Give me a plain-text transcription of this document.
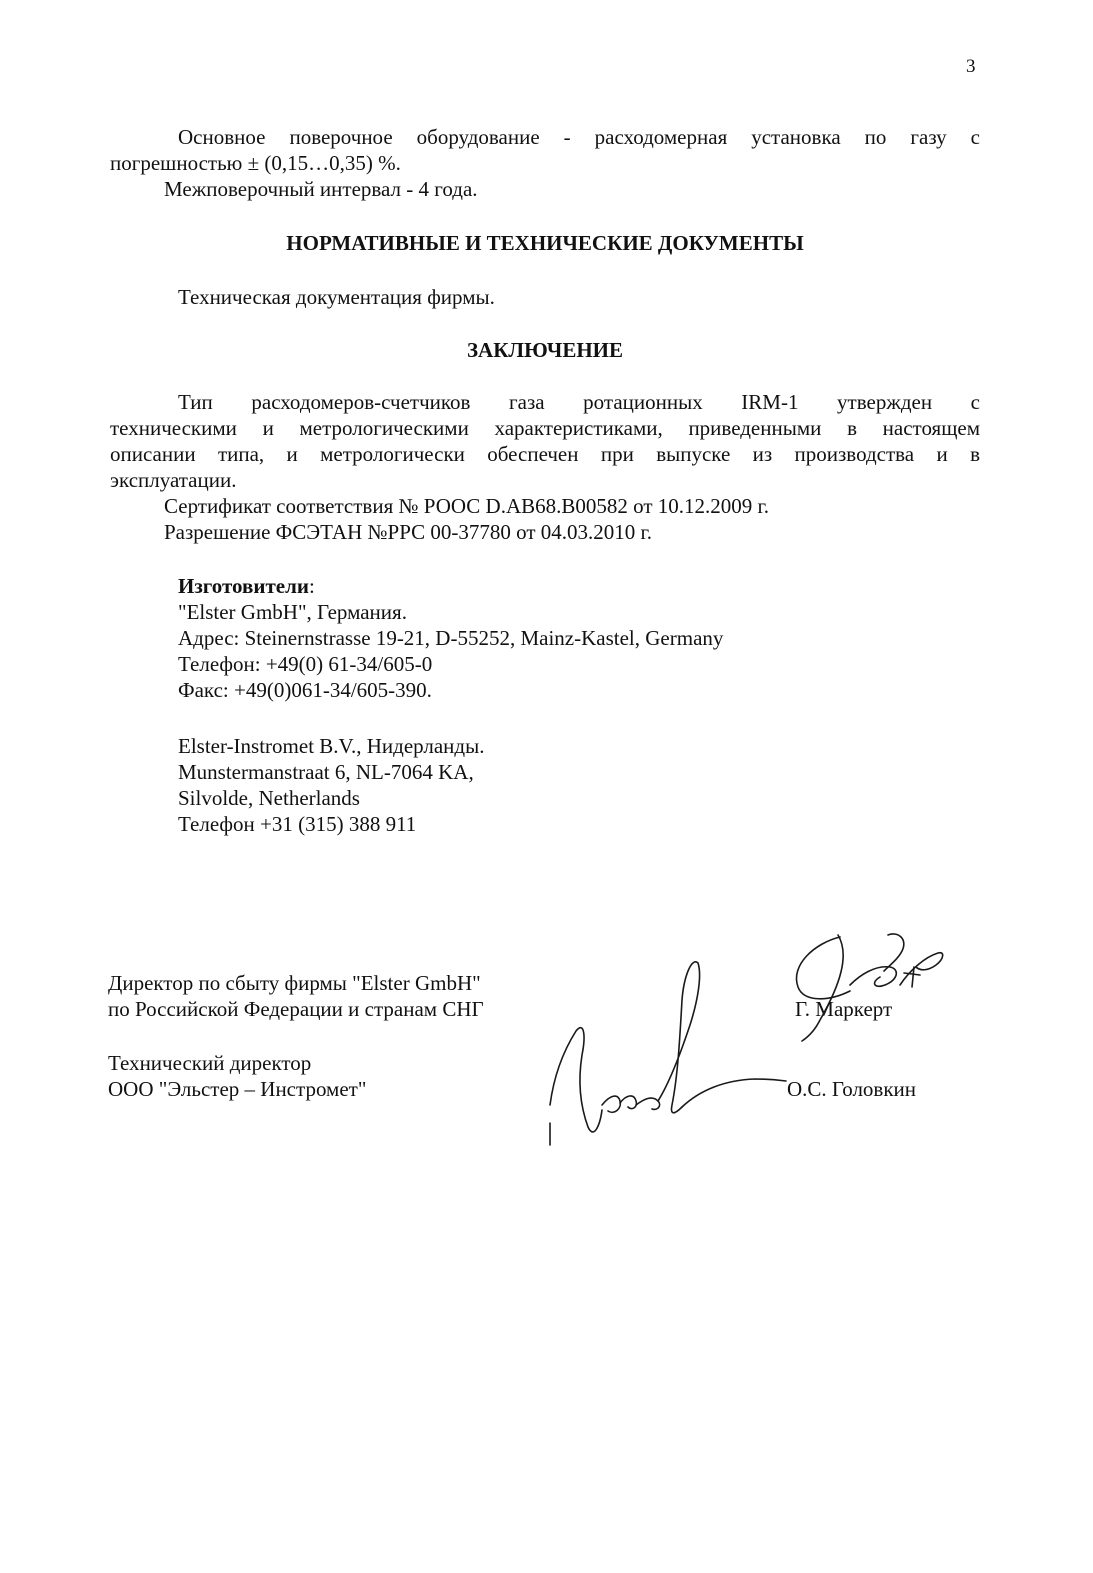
3
Основное поверочное оборудование - расходомерная установка по газу с
погрешностью ± (0,15…0,35) %.
Межповерочный интервал - 4 года.
НОРМАТИВНЫЕ И ТЕХНИЧЕСКИЕ ДОКУМЕНТЫ
Техническая документация фирмы.
ЗАКЛЮЧЕНИЕ
Тип расходомеров-счетчиков газа ротационных IRM-1 утвержден с
техническими и метрологическими характеристиками, приведенными в настоящем
описании типа, и метрологически обеспечен при выпуске из производства и в
эксплуатации.
Сертификат соответствия № РООС D.AB68.B00582 от 10.12.2009 г.
Разрешение ФСЭТАН №РРС 00-37780 от 04.03.2010 г.
Изготовители:
"Elster GmbH", Германия.
Адрес: Steinernstrasse 19-21, D-55252, Mainz-Kastel, Germany
Телефон: +49(0) 61-34/605-0
Факс: +49(0)061-34/605-390.
Elster-Instromet B.V., Нидерланды.
Munstermanstraat 6, NL-7064 KA,
Silvolde, Netherlands
Телефон +31 (315) 388 911
Директор по сбыту фирмы "Elster GmbH"
по Российской Федерации и странам СНГ	Г. Маркерт
Технический директор
ООО "Эльстер – Инстромет"	О.С. Головкин
